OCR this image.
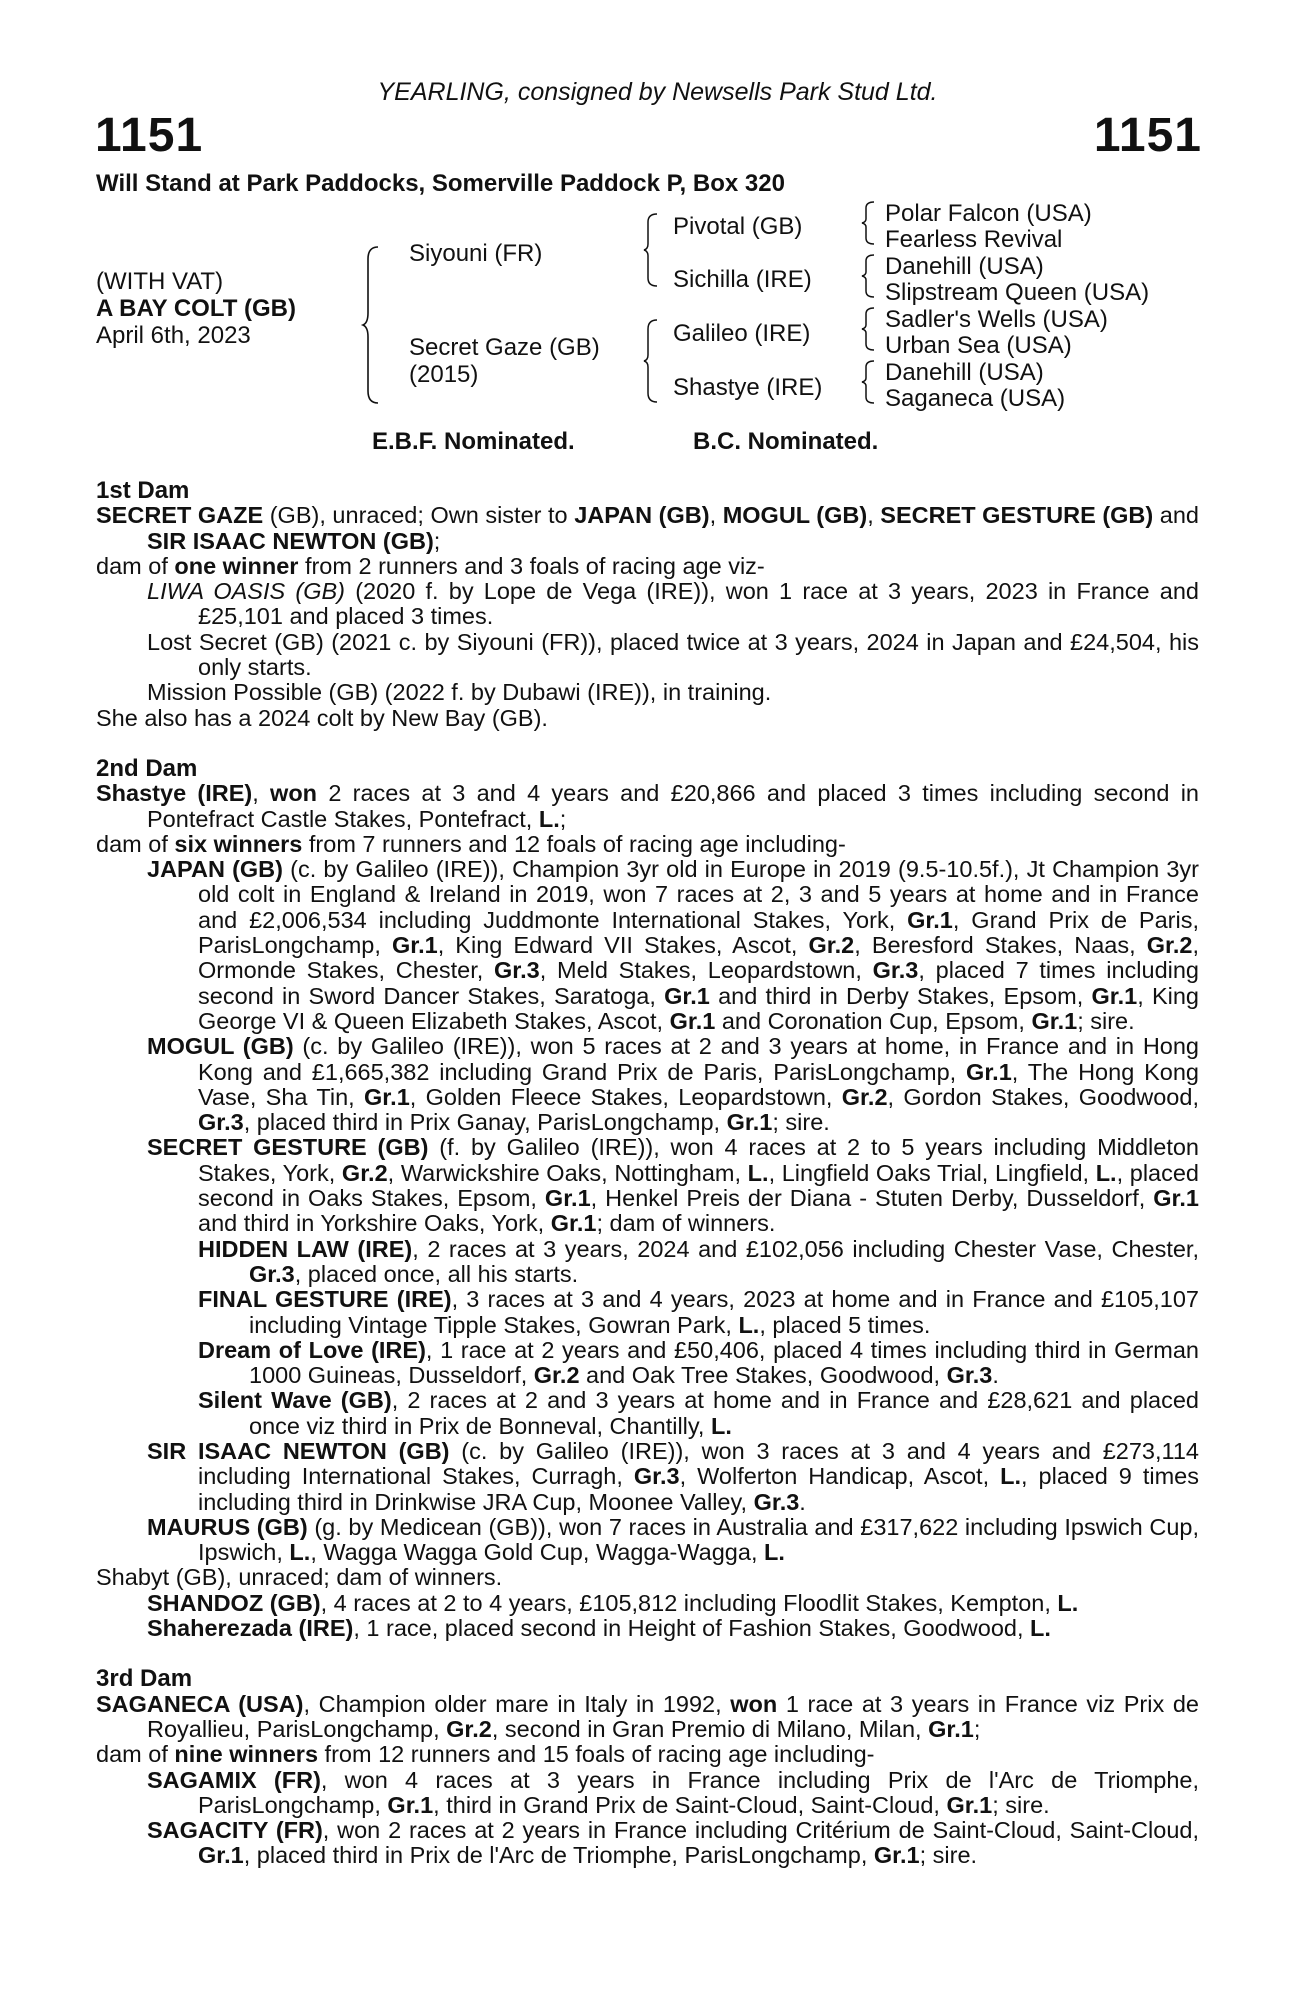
YEARLING, consigned by Newsells Park Stud Ltd.
1151	1151
Will Stand at Park Paddocks, Somerville Paddock P, Box 320
(WITH VAT)
A BAY COLT (GB)
April 6th, 2023
Siyouni (FR)
Secret Gaze (GB)
(2015)
Pivotal (GB)
Sichilla (IRE)
Galileo (IRE)
Shastye (IRE)
Polar Falcon (USA)
Fearless Revival
Danehill (USA)
Slipstream Queen (USA)
Sadler's Wells (USA)
Urban Sea (USA)
Danehill (USA)
Saganeca (USA)
E.B.F. Nominated.	B.C. Nominated.
1st Dam
SECRET GAZE (GB), unraced; Own sister to JAPAN (GB), MOGUL (GB), SECRET GESTURE (GB) and SIR ISAAC NEWTON (GB);
dam of one winner from 2 runners and 3 foals of racing age viz-
LIWA OASIS (GB) (2020 f. by Lope de Vega (IRE)), won 1 race at 3 years, 2023 in France and £25,101 and placed 3 times.
Lost Secret (GB) (2021 c. by Siyouni (FR)), placed twice at 3 years, 2024 in Japan and £24,504, his only starts.
Mission Possible (GB) (2022 f. by Dubawi (IRE)), in training.
She also has a 2024 colt by New Bay (GB).
2nd Dam
Shastye (IRE), won 2 races at 3 and 4 years and £20,866 and placed 3 times including second in Pontefract Castle Stakes, Pontefract, L.;
dam of six winners from 7 runners and 12 foals of racing age including-
JAPAN (GB) (c. by Galileo (IRE)), Champion 3yr old in Europe in 2019 (9.5-10.5f.), Jt Champion 3yr old colt in England & Ireland in 2019, won 7 races at 2, 3 and 5 years at home and in France and £2,006,534 including Juddmonte International Stakes, York, Gr.1, Grand Prix de Paris, ParisLongchamp, Gr.1, King Edward VII Stakes, Ascot, Gr.2, Beresford Stakes, Naas, Gr.2, Ormonde Stakes, Chester, Gr.3, Meld Stakes, Leopardstown, Gr.3, placed 7 times including second in Sword Dancer Stakes, Saratoga, Gr.1 and third in Derby Stakes, Epsom, Gr.1, King George VI & Queen Elizabeth Stakes, Ascot, Gr.1 and Coronation Cup, Epsom, Gr.1; sire.
MOGUL (GB) (c. by Galileo (IRE)), won 5 races at 2 and 3 years at home, in France and in Hong Kong and £1,665,382 including Grand Prix de Paris, ParisLongchamp, Gr.1, The Hong Kong Vase, Sha Tin, Gr.1, Golden Fleece Stakes, Leopardstown, Gr.2, Gordon Stakes, Goodwood, Gr.3, placed third in Prix Ganay, ParisLongchamp, Gr.1; sire.
SECRET GESTURE (GB) (f. by Galileo (IRE)), won 4 races at 2 to 5 years including Middleton Stakes, York, Gr.2, Warwickshire Oaks, Nottingham, L., Lingfield Oaks Trial, Lingfield, L., placed second in Oaks Stakes, Epsom, Gr.1, Henkel Preis der Diana - Stuten Derby, Dusseldorf, Gr.1 and third in Yorkshire Oaks, York, Gr.1; dam of winners.
HIDDEN LAW (IRE), 2 races at 3 years, 2024 and £102,056 including Chester Vase, Chester, Gr.3, placed once, all his starts.
FINAL GESTURE (IRE), 3 races at 3 and 4 years, 2023 at home and in France and £105,107 including Vintage Tipple Stakes, Gowran Park, L., placed 5 times.
Dream of Love (IRE), 1 race at 2 years and £50,406, placed 4 times including third in German 1000 Guineas, Dusseldorf, Gr.2 and Oak Tree Stakes, Goodwood, Gr.3.
Silent Wave (GB), 2 races at 2 and 3 years at home and in France and £28,621 and placed once viz third in Prix de Bonneval, Chantilly, L.
SIR ISAAC NEWTON (GB) (c. by Galileo (IRE)), won 3 races at 3 and 4 years and £273,114 including International Stakes, Curragh, Gr.3, Wolferton Handicap, Ascot, L., placed 9 times including third in Drinkwise JRA Cup, Moonee Valley, Gr.3.
MAURUS (GB) (g. by Medicean (GB)), won 7 races in Australia and £317,622 including Ipswich Cup, Ipswich, L., Wagga Wagga Gold Cup, Wagga-Wagga, L.
Shabyt (GB), unraced; dam of winners.
SHANDOZ (GB), 4 races at 2 to 4 years, £105,812 including Floodlit Stakes, Kempton, L.
Shaherezada (IRE), 1 race, placed second in Height of Fashion Stakes, Goodwood, L.
3rd Dam
SAGANECA (USA), Champion older mare in Italy in 1992, won 1 race at 3 years in France viz Prix de Royallieu, ParisLongchamp, Gr.2, second in Gran Premio di Milano, Milan, Gr.1;
dam of nine winners from 12 runners and 15 foals of racing age including-
SAGAMIX (FR), won 4 races at 3 years in France including Prix de l'Arc de Triomphe, ParisLongchamp, Gr.1, third in Grand Prix de Saint-Cloud, Saint-Cloud, Gr.1; sire.
SAGACITY (FR), won 2 races at 2 years in France including Critérium de Saint-Cloud, Saint-Cloud, Gr.1, placed third in Prix de l'Arc de Triomphe, ParisLongchamp, Gr.1; sire.
